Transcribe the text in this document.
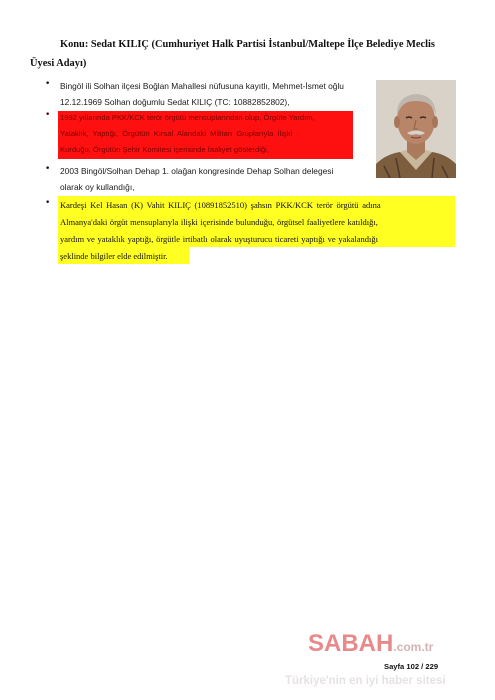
Konu: Sedat KILIÇ (Cumhuriyet Halk Partisi İstanbul/Maltepe İlçe Belediye Meclis
Üyesi Adayı)
• Bingöl ili Solhan ilçesi Boğlan Mahallesi nüfusuna kayıtlı, Mehmet-İsmet oğlu
12.12.1969 Solhan doğumlu Sedat KILIÇ (TC: 10882852802),
• 1992 yıllarında PKK/KCK terör örgütü mensuplarından olup, Örgüte Yardım,
Yataklık, Yaptığı, Örgütün Kırsal Alandaki Militan Gruplarıyla İlişki
Kurduğu, Örgütün Şehir Komitesi içerisinde faaliyet gösterdiği,
• 2003 Bingöl/Solhan Dehap 1. olağan kongresinde Dehap Solhan delegesi
olarak oy kullandığı,
• Kardeşi Kel Hasan (K) Vahit KILIÇ (10891852510) şahsın PKK/KCK terör örgütü adına
Almanya'daki örgüt mensuplarıyla ilişki içerisinde bulunduğu, örgütsel faaliyetlere katıldığı,
yardım ve yataklık yaptığı, örgütle irtibatlı olarak uyuşturucu ticareti yaptığı ve yakalandığı
şeklinde bilgiler elde edilmiştir.
SABAH.com.tr
Sayfa 102 / 229
Türkiye'nin en iyi haber sitesi
